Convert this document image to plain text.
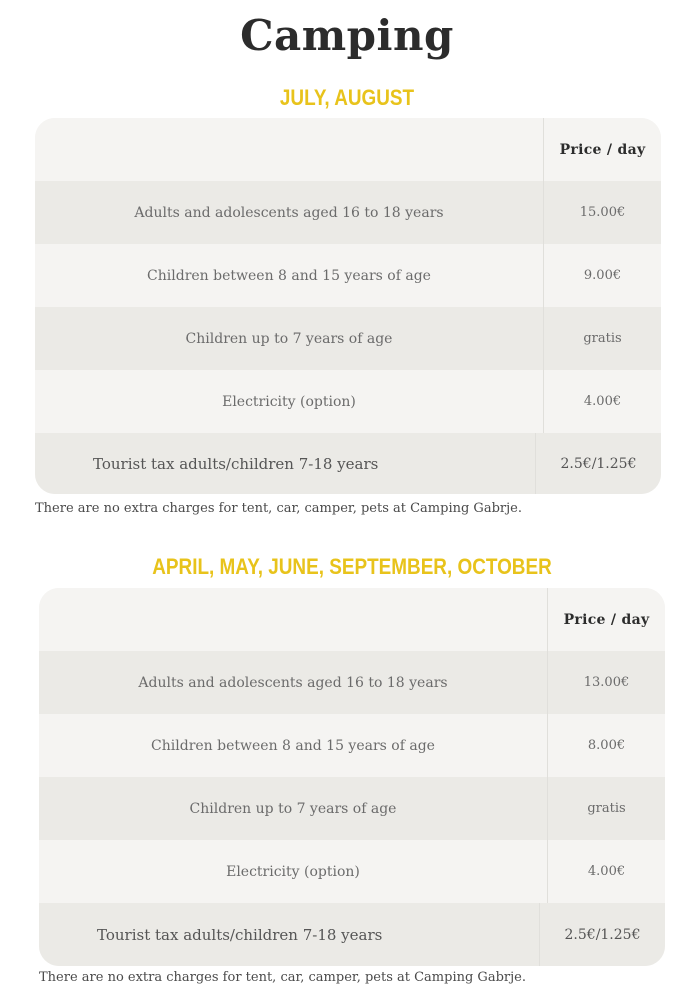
Camping
JULY, AUGUST
Price / day
Adults and adolescents aged 16 to 18 years	15.00€
Children between 8 and 15 years of age	9.00€
Children up to 7 years of age	gratis
Electricity (option)	4.00€
Tourist tax adults/children 7-18 years	2.5€/1.25€
There are no extra charges for tent, car, camper, pets at Camping Gabrje.
APRIL, MAY, JUNE, SEPTEMBER, OCTOBER
Price / day
Adults and adolescents aged 16 to 18 years	13.00€
Children between 8 and 15 years of age	8.00€
Children up to 7 years of age	gratis
Electricity (option)	4.00€
Tourist tax adults/children 7-18 years	2.5€/1.25€
There are no extra charges for tent, car, camper, pets at Camping Gabrje.
